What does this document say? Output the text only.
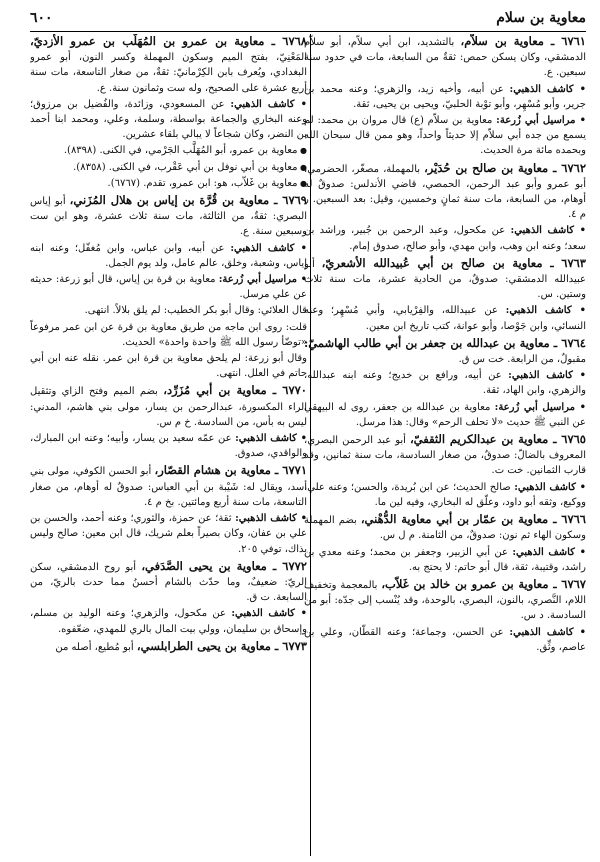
معاوية بن سلام
٦٠٠
٦٧٦١ ـ معاوية بن سلاّم، بالتشديد، ابن أبي سلاّم، أبو سلاّم الدمشقي، وكان يسكن حمص: ثقةٌ من السابعة، مات في حدود سنة سبعين. ع.
• كاشف الذهبي: عن أبيه، وأخيه زيد، والزهري؛ وعنه محمد بن جرير، وأبو مُسْهِر، وأبو توْبة الحلبيّ، ويحيى بن يحيى، ثقة.
• مراسيل أبي زُرعة: معاوية بن سلاّم (ع) قال مروان بن محمد: لم يسمع من جده أبي سلاّم إلا حديثاً واحداً، وهو ممن قال سبحان الله وبحمده مائة مرة الحديث.
٦٧٦٢ ـ معاوية بن صالح بن حُدَيْر، بالمهملة، مصغّر، الحضرمي، أبو عمرو وأبو عبد الرحمن، الحمصي، قاضي الأندلس: صدوقٌ له أوهام، من السابعة، مات سنة ثمانٍ وخمسين، وقيل: بعد السبعين. ر م ٤.
• كاشف الذهبي: عن مكحول، وعبد الرحمن بن جُبير، وراشد بن سعد؛ وعنه ابن وهب، وابن مهدي، وأبو صالح، صدوق إمام.
٦٧٦٣ ـ معاوية بن صالح بن أبي عُبيدالله الأشعريّ، أبو عبيدالله الدمشقي: صدوقٌ، من الحادية عشرة، مات سنة ثلاث وستين. س.
• كاشف الذهبي: عن عبيدالله، والفِرْيابي، وأبي مُسْهِر؛ وعنه النسائي، وابن جَوْصا، وأبو عوانة، كتب تاريخ ابن معين.
٦٧٦٤ ـ معاوية بن عبدالله بن جعفر بن أبي طالب الهاشميّ: مقبولٌ، من الرابعة. خت س ق.
• كاشف الذهبي: عن أبيه، ورافع بن خديج؛ وعنه ابنه عبدالله، والزهري، وابن الهاد، ثقة.
• مراسيل أبي زُرعة: معاوية بن عبدالله بن جعفر، روى له البيهقي عن النبي ﷺ حديث «لا تحلف الرحم» وقال: هذا مرسل.
٦٧٦٥ ـ معاوية بن عبدالكريم الثقفيّ، أبو عبد الرحمن البصري، المعروف بالضالّ: صدوقٌ، من صغار السادسة، مات سنة ثمانين، وقد قارب الثمانين. خت ت.
• كاشف الذهبي: صالح الحديث؛ عن ابن بُريدة، والحسن؛ وعنه علي، ووكيع، وثقه أبو داود، وعلّق له البخاري، وفيه لين ما.
٦٧٦٦ ـ معاوية بن عمّار بن أبي معاوية الدُّهْني، بضم المهملة وسكون الهاء ثم نون: صدوقٌ، من الثامنة. م ل س.
• كاشف الذهبي: عن أبي الزبير، وجعفر بن محمد؛ وعنه معدي بن راشد، وقتيبة، ثقة، قال أبو حاتم: لا يحتج به.
٦٧٦٧ ـ معاوية بن عمرو بن خالد بن غَلاّب، بالمعجمة وتخفيف اللام، النَّصري، بالنون، البصري، بالوحدة، وقد يُنْسب إلى جدّه: أبو من السادسة. د س.
• كاشف الذهبي: عن الحسن، وجماعة؛ وعنه القطّان، وعلي بن عاصم، وثِّق.
٦٧٦٨ ـ معاوية بن عمرو بن المُهَلّب بن عمرو الأزديّ، المَعْنِيّ، بفتح الميم وسكون المهملة وكسر النون، أبو عمرو البغدادي، ويُعرف بابن الكِرْمانيّ: ثقةٌ، من صغار التاسعة، مات سنة أربع عشرة على الصحيح، وله ست وثمانون سنة. ع.
• كاشف الذهبي: عن المسعودي، وزائدة، والفُضيل بن مرزوق؛ وعنه البخاري والجماعة بواسطة، وسلمة، وعلي، ومحمد ابنا أحمد بن النضر، وكان شجاعاً لا يبالي بلقاء عشرين.
● معاوية بن عمرو، أبو المُهَلَّب الجَرْمي، في الكنى. (٨٣٩٨).
● معاوية بن أبي نوفل بن أبي عَقْرب، في الكنى. (٨٣٥٨).
● معاوية بن غَلاّب، هو: ابن عمرو، تقدم. (٦٧٦٧).
٦٧٦٩ ـ معاوية بن قُرَّة بن إياس بن هلال المُزَني، أبو إياس البصري: ثقةٌ، من الثالثة، مات سنة ثلاث عشرة، وهو ابن ست وسبعين سنة. ع.
• كاشف الذهبي: عن أبيه، وابن عباس، وابن مُغفّل؛ وعنه ابنه إياس، وشعبة، وخلق، عالم عامل، ولد يوم الجمل.
• مراسيل أبي زُرعة: معاوية بن قرة بن إياس، قال أبو زرعة: حديثه عن علي مرسل.
قال العلائي: وقال أبو بكر الخطيب: لم يلق بلالاً. انتهى.
قلت: روى ابن ماجه من طريق معاوية بن قرة عن ابن عمر مرفوعاً «توضّأ رسول الله ﷺ واحدة واحدة» الحديث.
وقال أبو زرعة: لم يلحق معاوية بن قرة ابن عمر. نقله عنه ابن أبي حاتم في العلل. انتهى.
٦٧٧٠ ـ معاوية بن أبي مُزَرِّد، بضم الميم وفتح الزاي وتثقيل الراء المكسورة، عبدالرحمن بن يسار، مولى بني هاشم، المدني: ليس به بأس، من السادسة. خ م س.
• كاشف الذهبي: عن عمّه سعيد بن يسار، وأبيه؛ وعنه ابن المبارك، والواقدي، صدوق.
٦٧٧١ ـ معاوية بن هشام القصّار، أبو الحسن الكوفي، مولى بني أسد، ويقال له: شَيْبة بن أبي العباس: صدوقٌ له أوهام، من صغار التاسعة، مات سنة أربع ومائتين. بخ م ٤.
• كاشف الذهبي: ثقة؛ عن حمزة، والثوري؛ وعنه أحمد، والحسن بن علي بن عفان، وكان بصيراً بعلم شريك، قال ابن معين: صالح وليس بذاك، توفي ٢٠٥.
٦٧٧٢ ـ معاوية بن يحيى الصَّدَفي، أبو روح الدمشقي، سكن الريّ: ضعيفٌ، وما حدّث بالشام أحسنُ مما حدث بالريّ، من السابعة. ت ق.
• كاشف الذهبي: عن مكحول، والزهري؛ وعنه الوليد بن مسلم، وإسحاق بن سليمان، وولي بيت المال بالري للمهدي، ضعّفوه.
٦٧٧٣ ـ معاوية بن يحيى الطرابلسي، أبو مُطيع، أصله من
